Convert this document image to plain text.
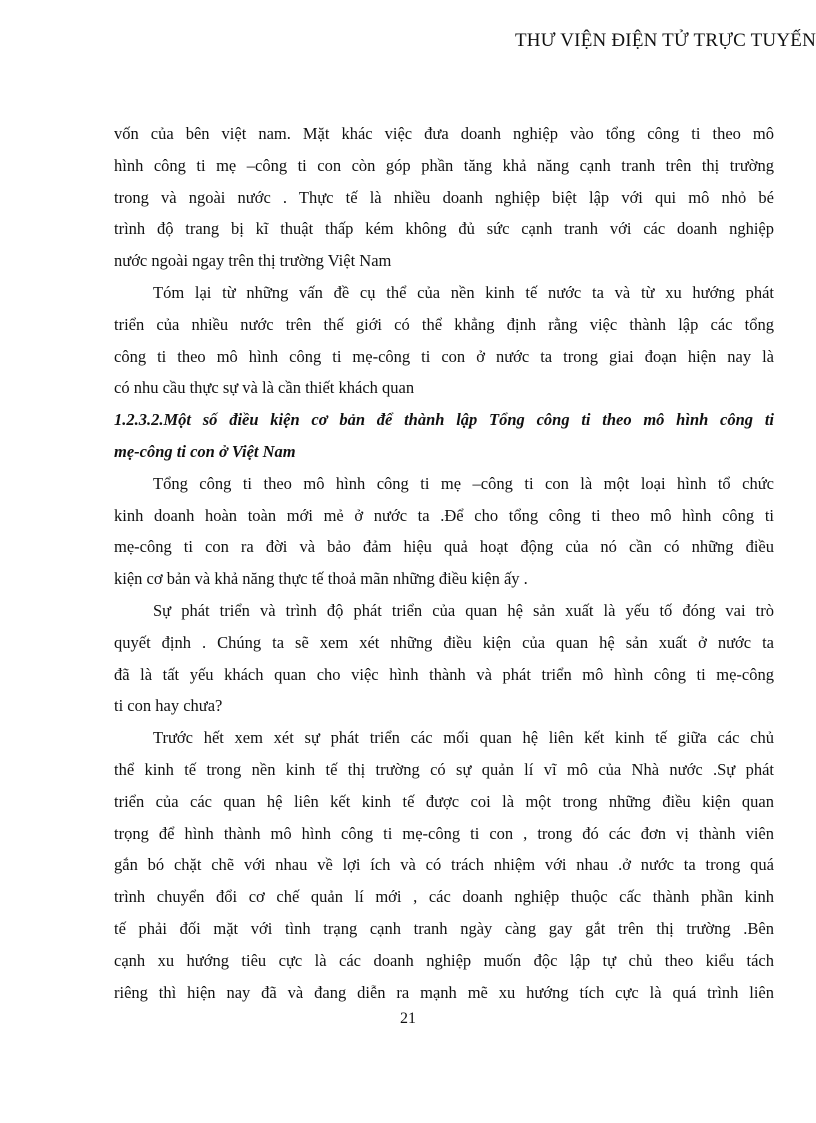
THƯ VIỆN ĐIỆN TỬ TRỰC TUYẾN
vốn của bên việt nam. Mặt khác việc đưa doanh nghiệp vào tổng công ti theo mô
hình công ti mẹ –công ti con còn góp phần tăng khả năng cạnh tranh trên thị trường
trong và ngoài nước . Thực tế là nhiều doanh nghiệp biệt lập với qui mô nhỏ bé
trình độ trang bị kĩ thuật thấp kém không đủ sức cạnh tranh với các doanh nghiệp
nước ngoài ngay trên thị trường Việt Nam
Tóm lại từ những vấn đề cụ thể của nền kinh tế nước ta và từ xu hướng phát
triển của nhiều nước trên thế giới có thể khẳng định rằng việc thành lập các tổng
công ti theo mô hình công ti mẹ-công ti con ở nước ta trong giai đoạn hiện nay là
có nhu cầu thực sự và là cần thiết khách quan
1.2.3.2.Một số điều kiện cơ bản để thành lập Tổng công ti theo mô hình công ti
mẹ-công ti con ở Việt Nam
Tổng công ti theo mô hình công ti mẹ –công ti con là một loại hình tổ chức
kinh doanh hoàn toàn mới mẻ ở nước ta .Để cho tổng công ti theo mô hình công ti
mẹ-công ti con ra đời và bảo đảm hiệu quả hoạt động của nó cần có những điều
kiện cơ bản và khả năng thực tế thoả mãn những điều kiện ấy .
Sự phát triển và trình độ phát triển của quan hệ sản xuất là yếu tố đóng vai trò
quyết định . Chúng ta sẽ xem xét những điều kiện của quan hệ sản xuất ở nước ta
đã là tất yếu khách quan cho việc hình thành và phát triển mô hình công ti mẹ-công
ti con hay chưa?
Trước hết xem xét sự phát triển các mối quan hệ liên kết kinh tế giữa các chủ
thể kinh tế trong nền kinh tế thị trường có sự quản lí vĩ mô của Nhà nước .Sự phát
triển của các quan hệ liên kết kinh tế được coi là một trong những điều kiện quan
trọng để hình thành mô hình công ti mẹ-công ti con , trong đó các đơn vị thành viên
gắn bó chặt chẽ với nhau về lợi ích và có trách nhiệm với nhau .ở nước ta trong quá
trình chuyển đổi cơ chế quản lí mới , các doanh nghiệp thuộc cấc thành phần kinh
tế phải đối mặt với tình trạng cạnh tranh ngày càng gay gắt trên thị trường .Bên
cạnh xu hướng tiêu cực là các doanh nghiệp muốn độc lập tự chủ theo kiểu tách
riêng thì hiện nay đã và đang diễn ra mạnh mẽ xu hướng tích cực là quá trình liên
21
